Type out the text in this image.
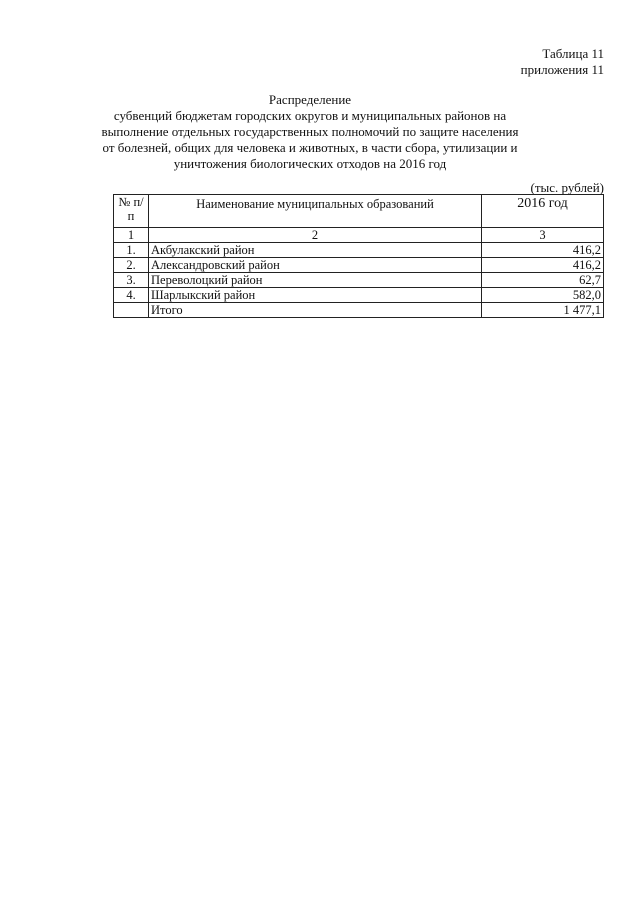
Таблица 11
приложения 11
Распределение
субвенций бюджетам городских округов и муниципальных районов на выполнение отдельных государственных полномочий по защите населения от болезней, общих для человека и животных, в части сбора, утилизации и уничтожения биологических отходов на 2016 год
(тыс. рублей)
№ п/п	Наименование муниципальных образований	2016 год
1	2	3
1.	Акбулакский район	416,2
2.	Александровский район	416,2
3.	Переволоцкий район	62,7
4.	Шарлыкский район	582,0
	Итого	1 477,1
